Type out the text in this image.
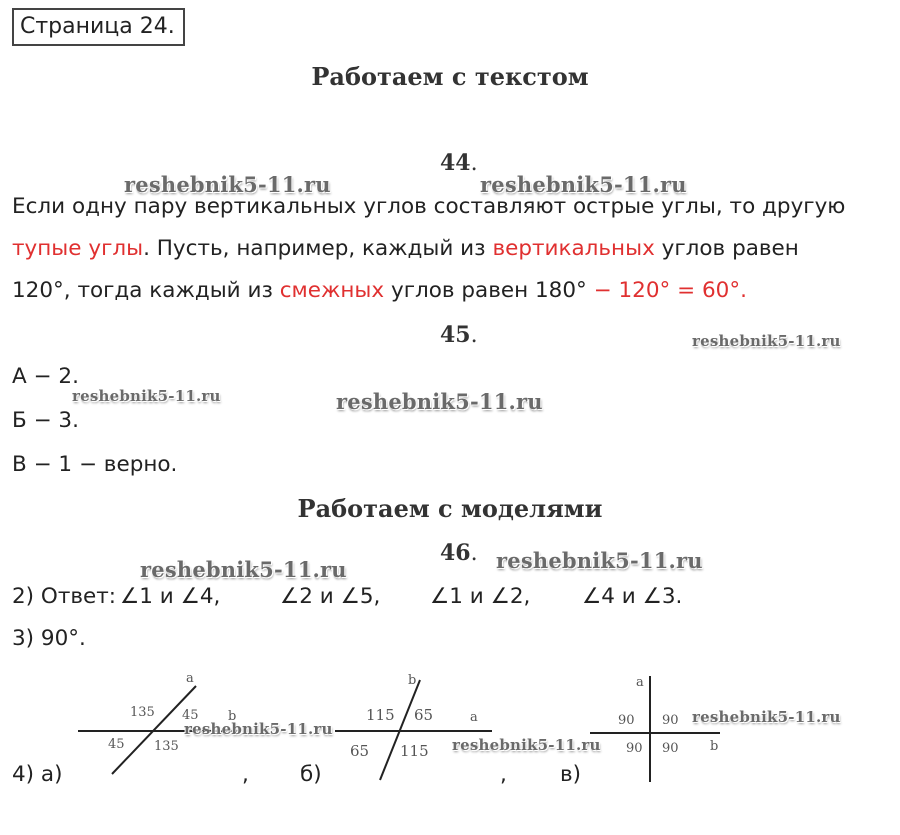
Страница 24.
Работаем с текстом
44.
Если одну пару вертикальных углов составляют острые углы, то другую
тупые углы. Пусть, например, каждый из вертикальных углов равен
120°, тогда каждый из смежных углов равен 180° − 120° = 60°.
45.
А − 2.
Б − 3.
В − 1 − верно.
Работаем с моделями
46.
2) Ответ: ∠1 и ∠4,	∠2 и ∠5, ∠1 и ∠2, ∠4 и ∠3.
3) 90°.
4) а)	, б)	, в)
a
b
135 45
45 135
b
a
115 65
65 115
a
b
90 90
90 90
reshebnik5-11.ru	reshebnik5-11.ru
reshebnik5-11.ru
reshebnik5-11.ru	reshebnik5-11.ru
reshebnik5-11.ru	reshebnik5-11.ru
reshebnik5-11.ru
reshebnik5-11.ru
reshebnik5-11.ru
